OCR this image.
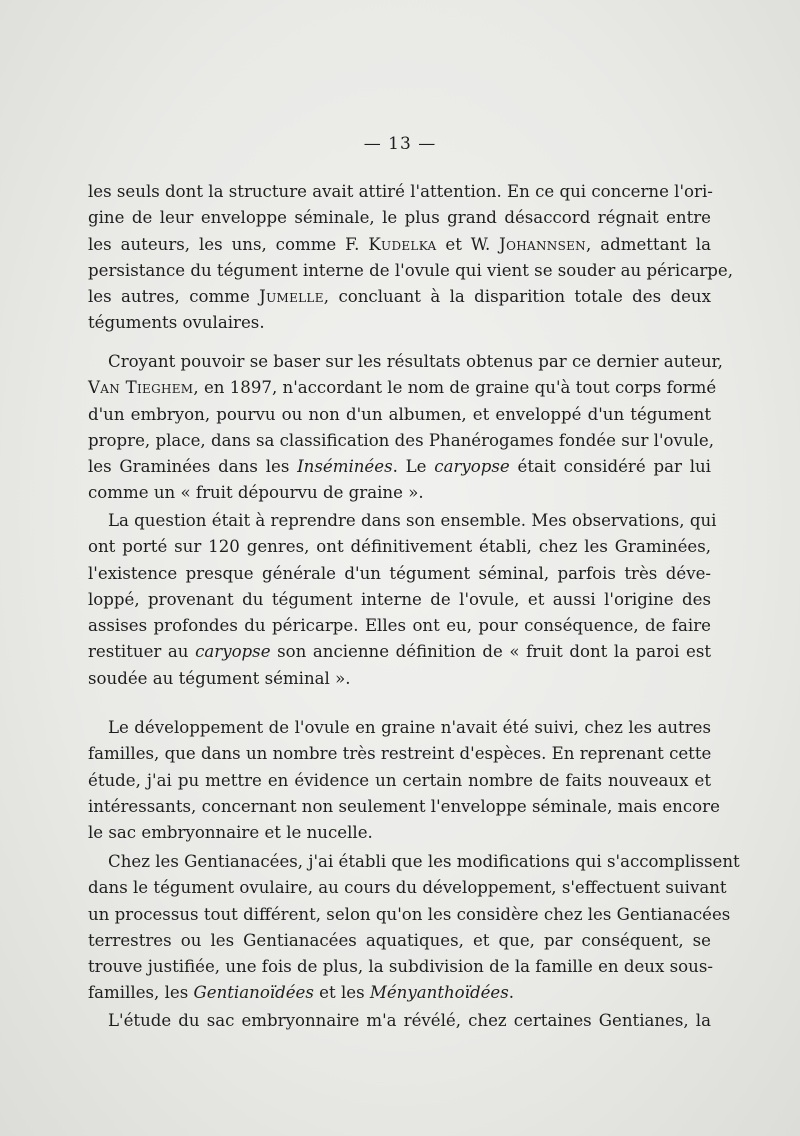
— 13 —

les seuls dont la structure avait attiré l'attention. En ce qui concerne l'ori-
gine de leur enveloppe séminale, le plus grand désaccord régnait entre
les auteurs, les uns, comme F. Kudelka et W. Johannsen, admettant la
persistance du tégument interne de l'ovule qui vient se souder au péricarpe,
les autres, comme Jumelle, concluant à la disparition totale des deux
téguments ovulaires.

Croyant pouvoir se baser sur les résultats obtenus par ce dernier auteur,
Van Tieghem, en 1897, n'accordant le nom de graine qu'à tout corps formé
d'un embryon, pourvu ou non d'un albumen, et enveloppé d'un tégument
propre, place, dans sa classification des Phanérogames fondée sur l'ovule,
les Graminées dans les Inséminées. Le caryopse était considéré par lui
comme un « fruit dépourvu de graine ».

La question était à reprendre dans son ensemble. Mes observations, qui
ont porté sur 120 genres, ont définitivement établi, chez les Graminées,
l'existence presque générale d'un tégument séminal, parfois très déve-
loppé, provenant du tégument interne de l'ovule, et aussi l'origine des
assises profondes du péricarpe. Elles ont eu, pour conséquence, de faire
restituer au caryopse son ancienne définition de « fruit dont la paroi est
soudée au tégument séminal ».

Le développement de l'ovule en graine n'avait été suivi, chez les autres
familles, que dans un nombre très restreint d'espèces. En reprenant cette
étude, j'ai pu mettre en évidence un certain nombre de faits nouveaux et
intéressants, concernant non seulement l'enveloppe séminale, mais encore
le sac embryonnaire et le nucelle.

Chez les Gentianacées, j'ai établi que les modifications qui s'accomplissent
dans le tégument ovulaire, au cours du développement, s'effectuent suivant
un processus tout différent, selon qu'on les considère chez les Gentianacées
terrestres ou les Gentianacées aquatiques, et que, par conséquent, se
trouve justifiée, une fois de plus, la subdivision de la famille en deux sous-
familles, les Gentianoïdées et les Ményanthoïdées.

L'étude du sac embryonnaire m'a révélé, chez certaines Gentianes, la
